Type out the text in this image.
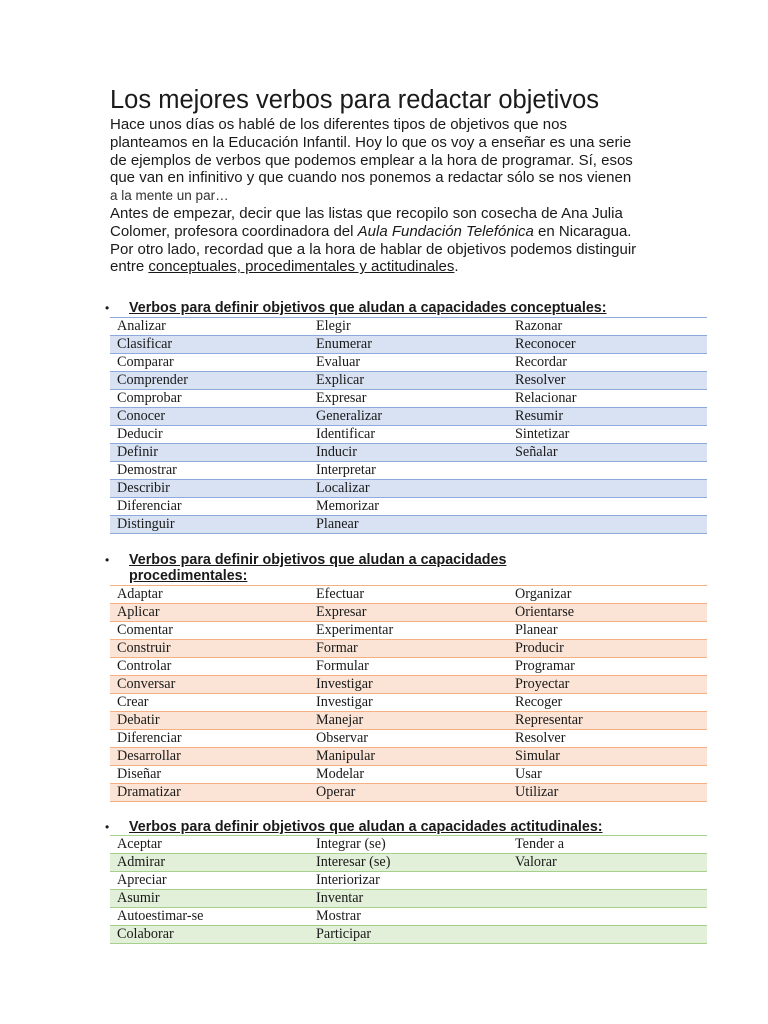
Los mejores verbos para redactar objetivos

Hace unos días os hablé de los diferentes tipos de objetivos que nos
planteamos en la Educación Infantil. Hoy lo que os voy a enseñar es una serie
de ejemplos de verbos que podemos emplear a la hora de programar. Sí, esos
que van en infinitivo y que cuando nos ponemos a redactar sólo se nos vienen
a la mente un par…

Antes de empezar, decir que las listas que recopilo son cosecha de Ana Julia
Colomer, profesora coordinadora del Aula Fundación Telefónica en Nicaragua.
Por otro lado, recordad que a la hora de hablar de objetivos podemos distinguir
entre conceptuales, procedimentales y actitudinales.

• Verbos para definir objetivos que aludan a capacidades conceptuales:

Analizar	Elegir	Razonar
Clasificar	Enumerar	Reconocer
Comparar	Evaluar	Recordar
Comprender	Explicar	Resolver
Comprobar	Expresar	Relacionar
Conocer	Generalizar	Resumir
Deducir	Identificar	Sintetizar
Definir	Inducir	Señalar
Demostrar	Interpretar	
Describir	Localizar	
Diferenciar	Memorizar	
Distinguir	Planear	

• Verbos para definir objetivos que aludan a capacidades
procedimentales:

Adaptar	Efectuar	Organizar
Aplicar	Expresar	Orientarse
Comentar	Experimentar	Planear
Construir	Formar	Producir
Controlar	Formular	Programar
Conversar	Investigar	Proyectar
Crear	Investigar	Recoger
Debatir	Manejar	Representar
Diferenciar	Observar	Resolver
Desarrollar	Manipular	Simular
Diseñar	Modelar	Usar
Dramatizar	Operar	Utilizar

• Verbos para definir objetivos que aludan a capacidades actitudinales:

Aceptar	Integrar (se)	Tender a
Admirar	Interesar (se)	Valorar
Apreciar	Interiorizar	
Asumir	Inventar	
Autoestimar-se	Mostrar	
Colaborar	Participar	
